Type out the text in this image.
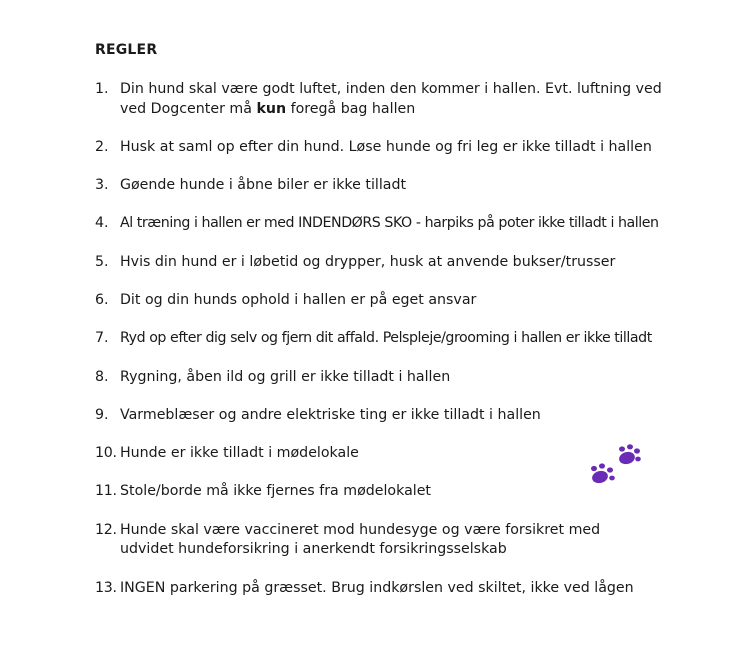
REGLER
1. Din hund skal være godt luftet, inden den kommer i hallen. Evt. luftning ved
ved Dogcenter må kun foregå bag hallen
2. Husk at saml op efter din hund. Løse hunde og fri leg er ikke tilladt i hallen
3. Gøende hunde i åbne biler er ikke tilladt
4. Al træning i hallen er med INDENDØRS SKO - harpiks på poter ikke tilladt i hallen
5. Hvis din hund er i løbetid og drypper, husk at anvende bukser/trusser
6. Dit og din hunds ophold i hallen er på eget ansvar
7. Ryd op efter dig selv og fjern dit affald. Pelspleje/grooming i hallen er ikke tilladt
8. Rygning, åben ild og grill er ikke tilladt i hallen
9. Varmeblæser og andre elektriske ting er ikke tilladt i hallen
10. Hunde er ikke tilladt i mødelokale
11. Stole/borde må ikke fjernes fra mødelokalet
12. Hunde skal være vaccineret mod hundesyge og være forsikret med
udvidet hundeforsikring i anerkendt forsikringsselskab
13. INGEN parkering på græsset. Brug indkørslen ved skiltet, ikke ved lågen
